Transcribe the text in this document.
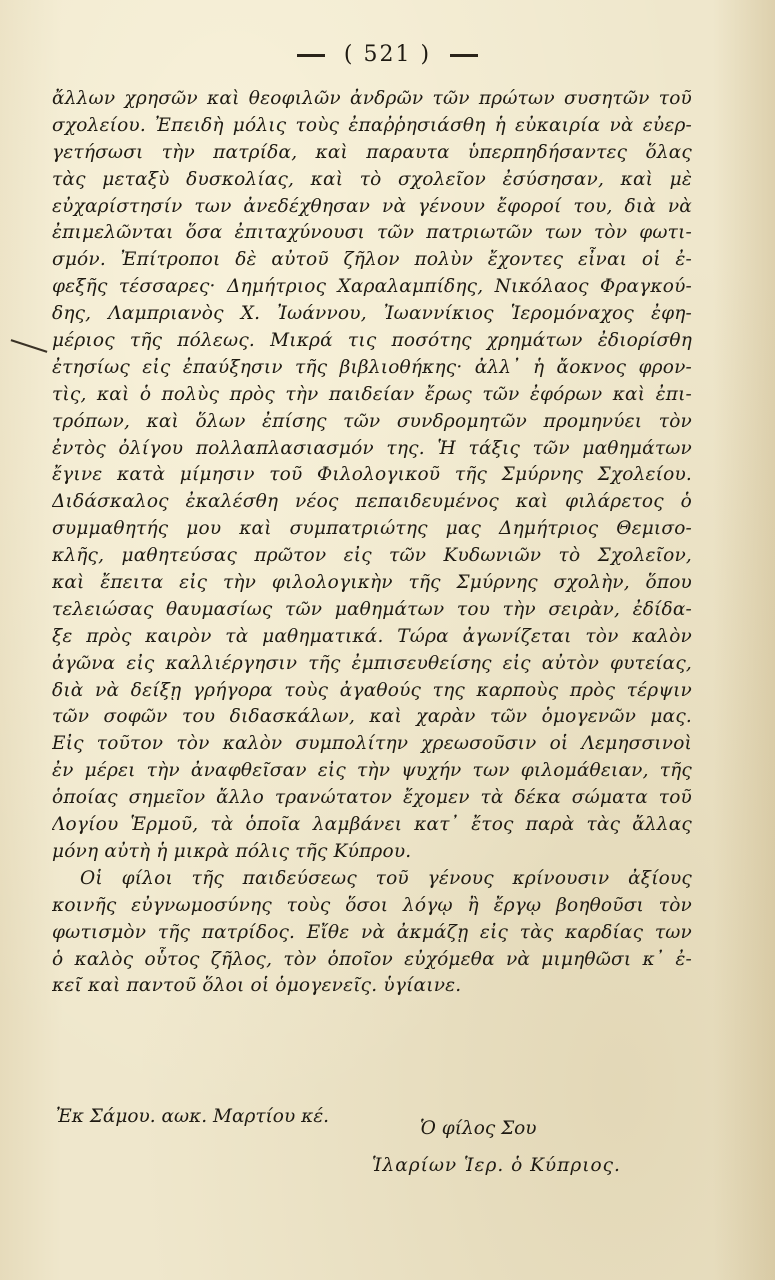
( 521 )
ἄλλων χρησῶν καὶ θεοφιλῶν ἀνδρῶν τῶν πρώτων συσητῶν τοῦ
σχολείου. Ἐπειδὴ μόλις τοὺς ἐπαῤῥησιάσθη ἡ εὐκαιρία νὰ εὐερ-
γετήσωσι τὴν πατρίδα, καὶ παραυτα ὑπερπηδήσαντες ὅλας
τὰς μεταξὺ δυσκολίας, καὶ τὸ σχολεῖον ἐσύσησαν, καὶ μὲ
εὐχαρίστησίν των ἀνεδέχθησαν νὰ γένουν ἔφοροί του, διὰ νὰ
ἐπιμελῶνται ὅσα ἐπιταχύνουσι τῶν πατριωτῶν των τὸν φωτι-
σμόν. Ἐπίτροποι δὲ αὐτοῦ ζῆλον πολὺν ἔχοντες εἶναι οἱ ἐ-
φεξῆς τέσσαρες· Δημήτριος Χαραλαμπίδης, Νικόλαος Φραγκού-
δης, Λαμπριανὸς Χ. Ἰωάννου, Ἰωαννίκιος Ἱερομόναχος ἐφη-
μέριος τῆς πόλεως. Μικρά τις ποσότης χρημάτων ἐδιορίσθη
ἐτησίως εἰς ἐπαύξησιν τῆς βιβλιοθήκης· ἀλλ᾽ ἡ ἄοκνος φρον-
τὶς, καὶ ὁ πολὺς πρὸς τὴν παιδείαν ἔρως τῶν ἐφόρων καὶ ἐπι-
τρόπων, καὶ ὅλων ἐπίσης τῶν συνδρομητῶν προμηνύει τὸν
ἐντὸς ὀλίγου πολλαπλασιασμόν της. Ἡ τάξις τῶν μαθημάτων
ἔγινε κατὰ μίμησιν τοῦ Φιλολογικοῦ τῆς Σμύρνης Σχολείου.
Διδάσκαλος ἐκαλέσθη νέος πεπαιδευμένος καὶ φιλάρετος ὁ
συμμαθητής μου καὶ συμπατριώτης μας Δημήτριος Θεμισο-
κλῆς, μαθητεύσας πρῶτον εἰς τῶν Κυδωνιῶν τὸ Σχολεῖον,
καὶ ἔπειτα εἰς τὴν φιλολογικὴν τῆς Σμύρνης σχολὴν, ὅπου
τελειώσας θαυμασίως τῶν μαθημάτων του τὴν σειρὰν, ἐδίδα-
ξε πρὸς καιρὸν τὰ μαθηματικά. Τώρα ἀγωνίζεται τὸν καλὸν
ἀγῶνα εἰς καλλιέργησιν τῆς ἐμπισευθείσης εἰς αὐτὸν φυτείας,
διὰ νὰ δείξῃ γρήγορα τοὺς ἀγαθούς της καρποὺς πρὸς τέρψιν
τῶν σοφῶν του διδασκάλων, καὶ χαρὰν τῶν ὁμογενῶν μας.
Εἰς τοῦτον τὸν καλὸν συμπολίτην χρεωσοῦσιν οἱ Λεμησσινοὶ
ἐν μέρει τὴν ἀναφθεῖσαν εἰς τὴν ψυχήν των φιλομάθειαν, τῆς
ὁποίας σημεῖον ἄλλο τρανώτατον ἔχομεν τὰ δέκα σώματα τοῦ
Λογίου Ἑρμοῦ, τὰ ὁποῖα λαμβάνει κατ᾽ ἔτος παρὰ τὰς ἄλλας
μόνη αὐτὴ ἡ μικρὰ πόλις τῆς Κύπρου.
Οἱ φίλοι τῆς παιδεύσεως τοῦ γένους κρίνουσιν ἀξίους
κοινῆς εὐγνωμοσύνης τοὺς ὅσοι λόγῳ ἢ ἔργῳ βοηθοῦσι τὸν
φωτισμὸν τῆς πατρίδος. Εἴθε νὰ ἀκμάζῃ εἰς τὰς καρδίας των
ὁ καλὸς οὗτος ζῆλος, τὸν ὁποῖον εὐχόμεθα νὰ μιμηθῶσι κ᾽ ἐ-
κεῖ καὶ παντοῦ ὅλοι οἱ ὁμογενεῖς. ὑγίαινε.
Ἐκ Σάμου. αωκ. Μαρτίου κέ.
Ὁ φίλος Σου
Ἱλαρίων Ἱερ. ὁ Κύπριος.
